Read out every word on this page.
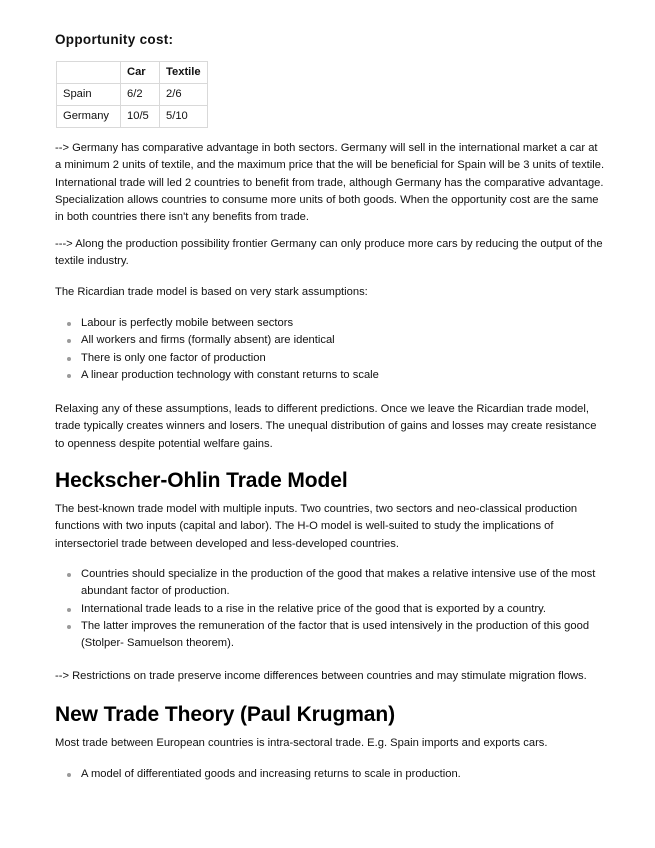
Opportunity cost:
	Car	Textile
Spain	6/2	2/6
Germany	10/5	5/10

--> Germany has comparative advantage in both sectors. Germany will sell in the international market a car at a minimum 2 units of textile, and the maximum price that the will be beneficial for Spain will be 3 units of textile. International trade will led 2 countries to benefit from trade, although Germany has the comparative advantage. Specialization allows countries to consume more units of both goods. When the opportunity cost are the same in both countries there isn't any benefits from trade.

---> Along the production possibility frontier Germany can only produce more cars by reducing the output of the textile industry.

The Ricardian trade model is based on very stark assumptions:

Labour is perfectly mobile between sectors
All workers and firms (formally absent) are identical
There is only one factor of production
A linear production technology with constant returns to scale

Relaxing any of these assumptions, leads to different predictions. Once we leave the Ricardian trade model, trade typically creates winners and losers. The unequal distribution of gains and losses may create resistance to openness despite potential welfare gains.

Heckscher-Ohlin Trade Model

The best-known trade model with multiple inputs. Two countries, two sectors and neo-classical production functions with two inputs (capital and labor). The H-O model is well-suited to study the implications of intersectoriel trade between developed and less-developed countries.

Countries should specialize in the production of the good that makes a relative intensive use of the most abundant factor of production.
International trade leads to a rise in the relative price of the good that is exported by a country.
The latter improves the remuneration of the factor that is used intensively in the production of this good (Stolper- Samuelson theorem).

--> Restrictions on trade preserve income differences between countries and may stimulate migration flows.

New Trade Theory (Paul Krugman)

Most trade between European countries is intra-sectoral trade. E.g. Spain imports and exports cars.

A model of differentiated goods and increasing returns to scale in production.
